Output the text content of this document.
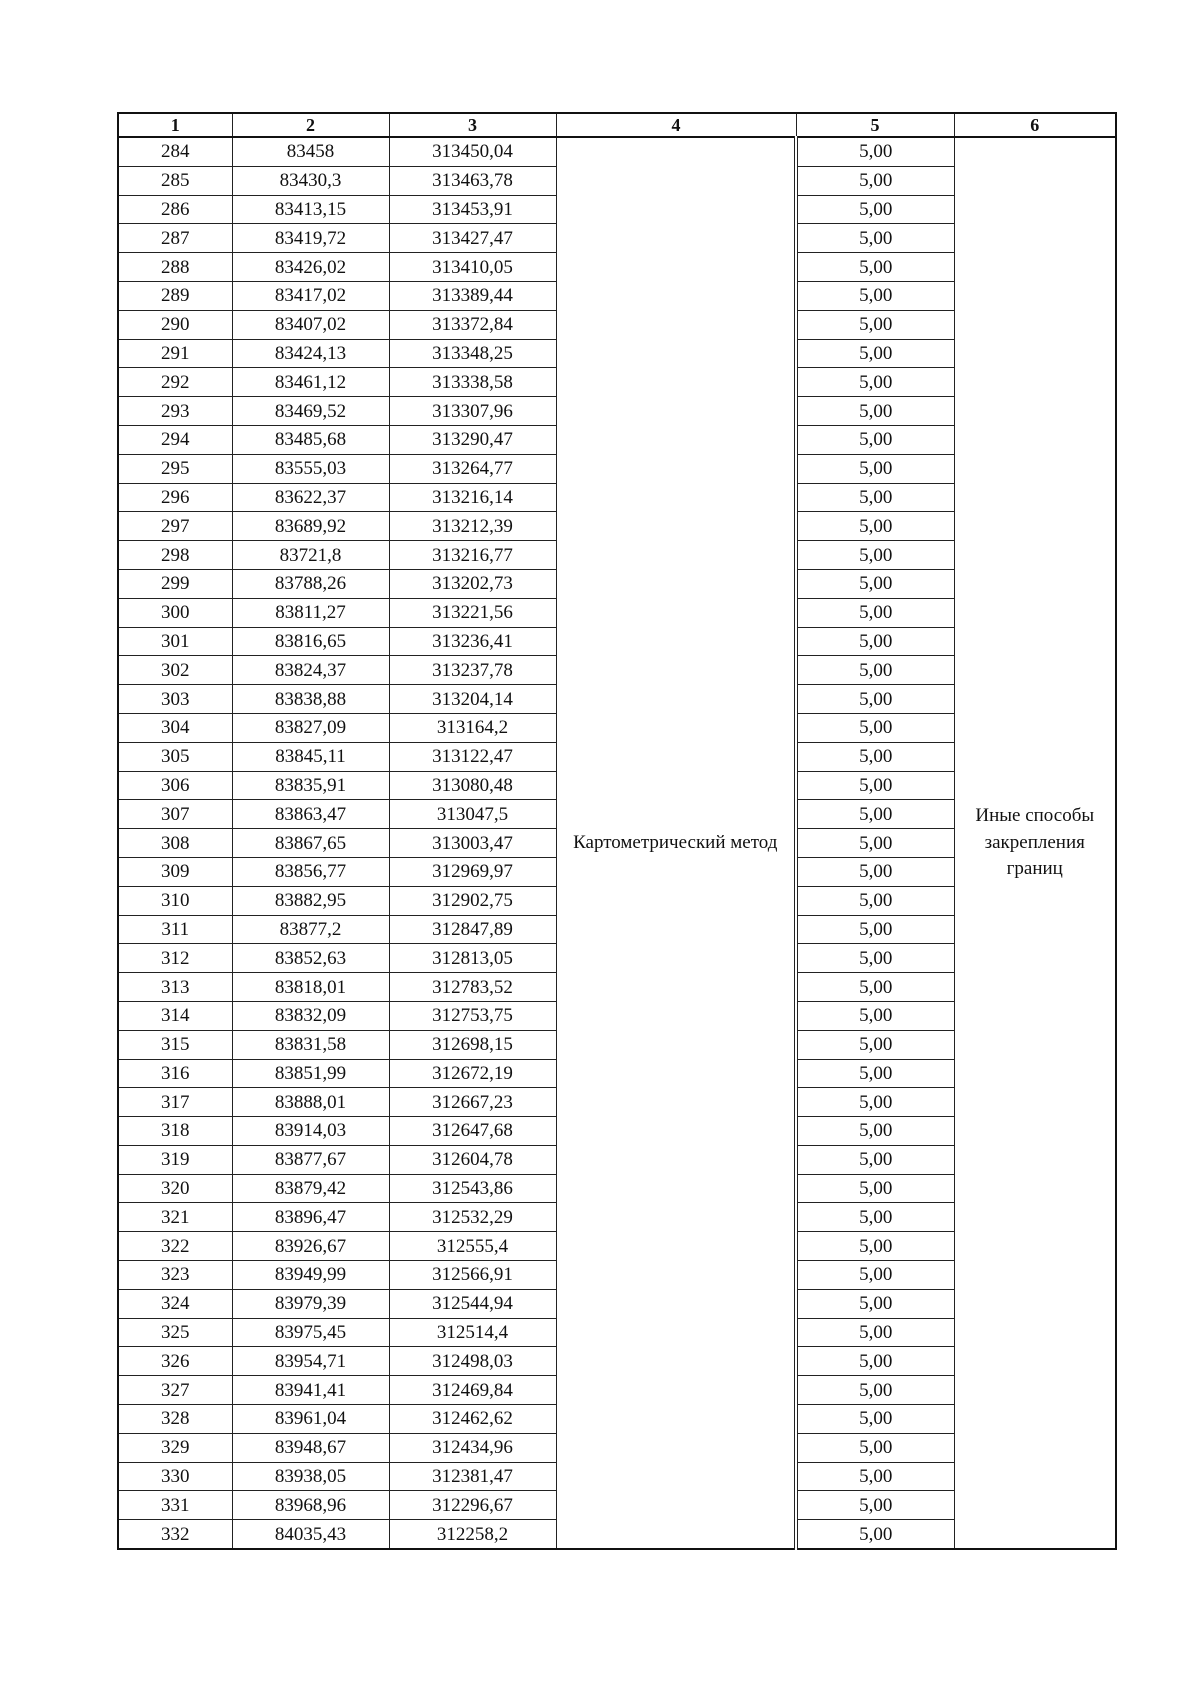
1	2	3	4	5	6
284	83458	313450,04	Картометрический метод	5,00	Иные способы закрепления границ
285	83430,3	313463,78		5,00	
286	83413,15	313453,91		5,00	
287	83419,72	313427,47		5,00	
288	83426,02	313410,05		5,00	
289	83417,02	313389,44		5,00	
290	83407,02	313372,84		5,00	
291	83424,13	313348,25		5,00	
292	83461,12	313338,58		5,00	
293	83469,52	313307,96		5,00	
294	83485,68	313290,47		5,00	
295	83555,03	313264,77		5,00	
296	83622,37	313216,14		5,00	
297	83689,92	313212,39		5,00	
298	83721,8	313216,77		5,00	
299	83788,26	313202,73		5,00	
300	83811,27	313221,56		5,00	
301	83816,65	313236,41		5,00	
302	83824,37	313237,78		5,00	
303	83838,88	313204,14		5,00	
304	83827,09	313164,2		5,00	
305	83845,11	313122,47		5,00	
306	83835,91	313080,48		5,00	
307	83863,47	313047,5		5,00	
308	83867,65	313003,47		5,00	
309	83856,77	312969,97		5,00	
310	83882,95	312902,75		5,00	
311	83877,2	312847,89		5,00	
312	83852,63	312813,05		5,00	
313	83818,01	312783,52		5,00	
314	83832,09	312753,75		5,00	
315	83831,58	312698,15		5,00	
316	83851,99	312672,19		5,00	
317	83888,01	312667,23		5,00	
318	83914,03	312647,68		5,00	
319	83877,67	312604,78		5,00	
320	83879,42	312543,86		5,00	
321	83896,47	312532,29		5,00	
322	83926,67	312555,4		5,00	
323	83949,99	312566,91		5,00	
324	83979,39	312544,94		5,00	
325	83975,45	312514,4		5,00	
326	83954,71	312498,03		5,00	
327	83941,41	312469,84		5,00	
328	83961,04	312462,62		5,00	
329	83948,67	312434,96		5,00	
330	83938,05	312381,47		5,00	
331	83968,96	312296,67		5,00	
332	84035,43	312258,2		5,00	
